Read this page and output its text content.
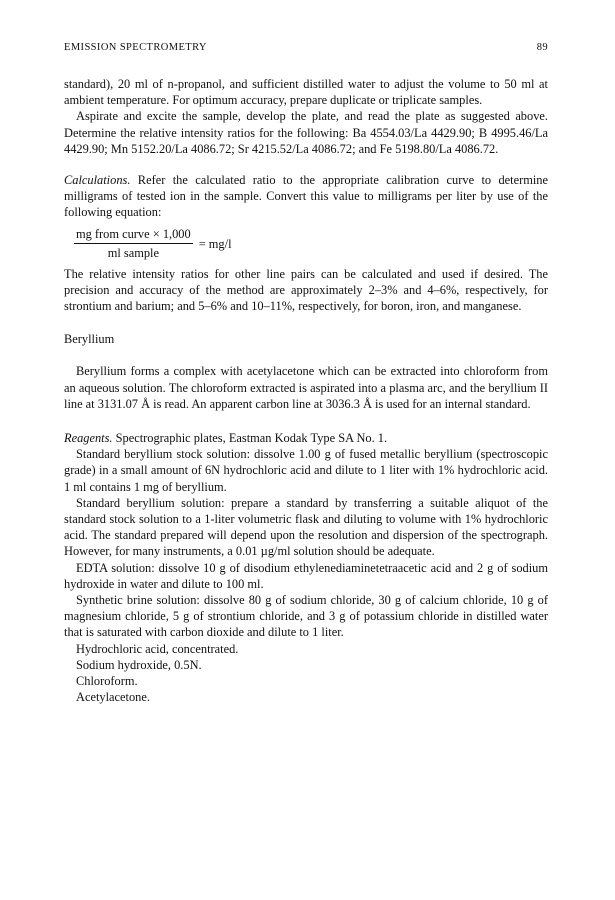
EMISSION SPECTROMETRY	89

standard), 20 ml of n-propanol, and sufficient distilled water to adjust the volume to 50 ml at ambient temperature. For optimum accuracy, prepare duplicate or triplicate samples.

Aspirate and excite the sample, develop the plate, and read the plate as suggested above. Determine the relative intensity ratios for the following: Ba 4554.03/La 4429.90; B 4995.46/La 4429.90; Mn 5152.20/La 4086.72; Sr 4215.52/La 4086.72; and Fe 5198.80/La 4086.72.

Calculations. Refer the calculated ratio to the appropriate calibration curve to determine milligrams of tested ion in the sample. Convert this value to milligrams per liter by use of the following equation:

$\frac{\text{mg from curve × 1,000}}{\text{ml sample}} = mg/l$

The relative intensity ratios for other line pairs can be calculated and used if desired. The precision and accuracy of the method are approximately 2–3% and 4–6%, respectively, for strontium and barium; and 5–6% and 10–11%, respectively, for boron, iron, and manganese.

Beryllium

Beryllium forms a complex with acetylacetone which can be extracted into chloroform from an aqueous solution. The chloroform extracted is aspirated into a plasma arc, and the beryllium II line at 3131.07 Å is read. An apparent carbon line at 3036.3 Å is used for an internal standard.

Reagents. Spectrographic plates, Eastman Kodak Type SA No. 1.

Standard beryllium stock solution: dissolve 1.00 g of fused metallic beryllium (spectroscopic grade) in a small amount of 6N hydrochloric acid and dilute to 1 liter with 1% hydrochloric acid. 1 ml contains 1 mg of beryllium.

Standard beryllium solution: prepare a standard by transferring a suitable aliquot of the standard stock solution to a 1-liter volumetric flask and diluting to volume with 1% hydrochloric acid. The standard prepared will depend upon the resolution and dispersion of the spectrograph. However, for many instruments, a 0.01 µg/ml solution should be adequate.

EDTA solution: dissolve 10 g of disodium ethylenediaminetetraacetic acid and 2 g of sodium hydroxide in water and dilute to 100 ml.

Synthetic brine solution: dissolve 80 g of sodium chloride, 30 g of calcium chloride, 10 g of magnesium chloride, 5 g of strontium chloride, and 3 g of potassium chloride in distilled water that is saturated with carbon dioxide and dilute to 1 liter.

Hydrochloric acid, concentrated.

Sodium hydroxide, 0.5N.

Chloroform.

Acetylacetone.
